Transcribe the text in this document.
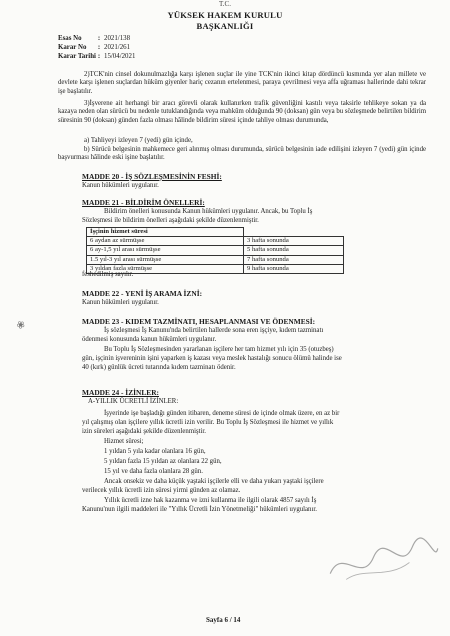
T.C.
YÜKSEK HAKEM KURULU
BAŞKANLIĞI
Esas No : 2021/138
Karar No : 2021/261
Karar Tarihi : 15/04/2021
2)TCK'nin cinsel dokunulmazlığa karşı işlenen suçlar ile yine TCK'nin ikinci kitap dördüncü kısmında yer alan millete ve devlete karşı işlenen suçlardan hüküm giyenler hariç cezanın ertelenmesi, paraya çevrilmesi veya affa uğraması hallerinde dahi tekrar işe başlatılır.
3)İşverene ait herhangi bir aracı görevli olarak kullanırken trafik güvenliğini kastılı veya taksirle tehlikeye sokan ya da kazaya neden olan sürücü bu nedenle tutuklandığında veya mahkûm olduğunda 90 (doksan) gün veya bu sözleşmede belirtilen bildirim süresinin 90 (doksan) günden fazla olması hâlinde bildirim süresi içinde tahliye olması durumunda,
a) Tahliyeyi izleyen 7 (yedi) gün içinde,
b) Sürücü belgesinin mahkemece geri alınmış olması durumunda, sürücü belgesinin iade edilişini izleyen 7 (yedi) gün içinde başvurması hâlinde eski işine başlatılır.
MADDE 20 - İŞ SÖZLEŞMESİNİN FESHİ:
Kanun hükümleri uygulanır.
MADDE 21 - BİLDİRİM ÖNELLERİ:
Bildirim önelleri konusunda Kanun hükümleri uygulanır. Ancak, bu Toplu İş
Sözleşmesi ile bildirim önelleri aşağıdaki şekilde düzenlenmiştir.
İşçinin hizmet süresi	
6 aydan az sürmüşse	3 hafta sonunda
6 ay-1,5 yıl arası sürmüşse	5 hafta sonunda
1.5 yıl-3 yıl arası sürmüşse	7 hafta sonunda
3 yıldan fazla sürmüşse	9 hafta sonunda
feshedilmiş sayılır.
MADDE 22 - YENİ İŞ ARAMA İZNİ:
Kanun hükümleri uygulanır.
MADDE 23 - KIDEM TAZMİNATI, HESAPLANMASI VE ÖDENMESİ:
İş sözleşmesi İş Kanunu'nda belirtilen hallerde sona eren işçiye, kıdem tazminatı
ödenmesi konusunda kanun hükümleri uygulanır.
Bu Toplu İş Sözleşmesinden yararlanan işçilere her tam hizmet yılı için 35 (otuzbeş)
gün, işçinin işvereninin işini yaparken iş kazası veya meslek hastalığı sonucu ölümü halinde ise
40 (kırk) günlük ücreti tutarında kıdem tazminatı ödenir.
MADDE 24 - İZİNLER:
A-YILLIK ÜCRETLİ İZİNLER:
İşyerinde işe başladığı günden itibaren, deneme süresi de içinde olmak üzere, en az bir
yıl çalışmış olan işçilere yıllık ücretli izin verilir. Bu Toplu İş Sözleşmesi ile hizmet ve yıllık
izin süreleri aşağıdaki şekilde düzenlenmiştir.
Hizmet süresi;
1 yıldan 5 yıla kadar olanlara 16 gün,
5 yıldan fazla 15 yıldan az olanlara 22 gün,
15 yıl ve daha fazla olanlara 28 gün.
Ancak onsekiz ve daha küçük yaştaki işçilerle elli ve daha yukarı yaştaki işçilere
verilecek yıllık ücretli izin süresi yirmi günden az olamaz.
Yıllık ücretli izne hak kazanma ve izni kullanma ile ilgili olarak 4857 sayılı İş
Kanunu'nun ilgili maddeleri ile "Yıllık Ücretli İzin Yönetmeliği" hükümleri uygulanır.
❀
Sayfa 6 / 14
